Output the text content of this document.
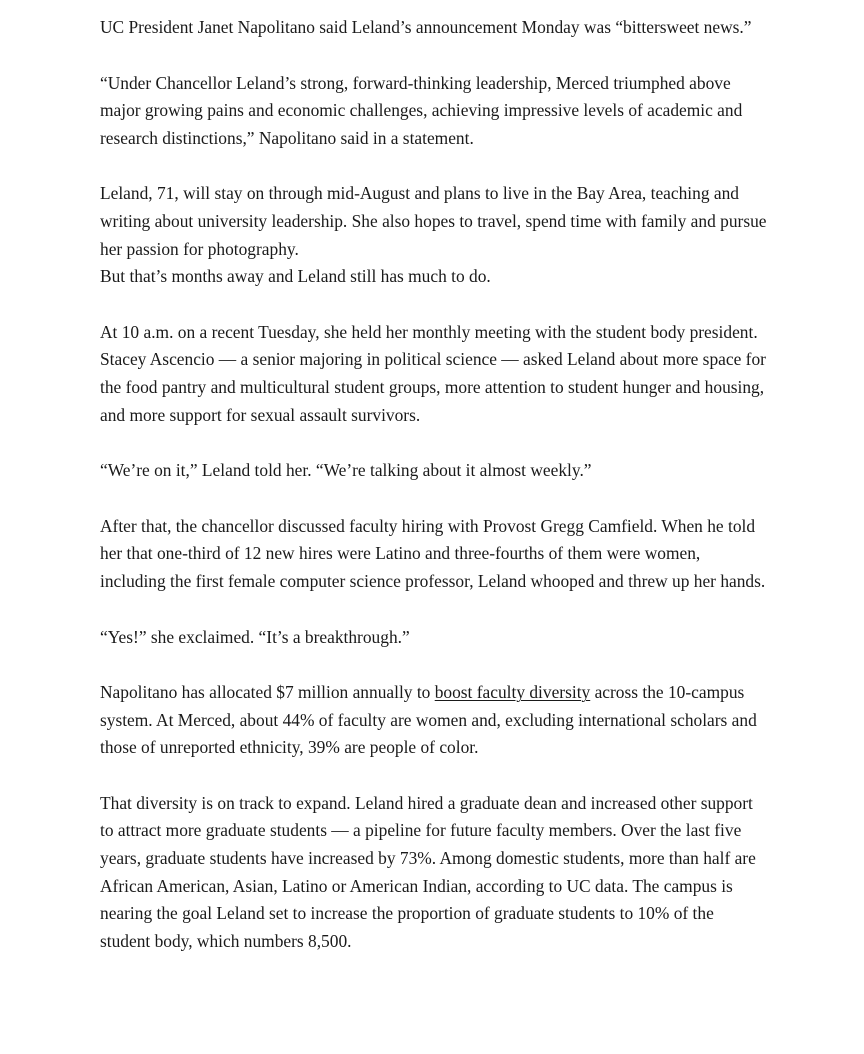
UC President Janet Napolitano said Leland’s announcement Monday was “bittersweet news.”

“Under Chancellor Leland’s strong, forward-thinking leadership, Merced triumphed above major growing pains and economic challenges, achieving impressive levels of academic and research distinctions,” Napolitano said in a statement.

Leland, 71, will stay on through mid-August and plans to live in the Bay Area, teaching and writing about university leadership. She also hopes to travel, spend time with family and pursue her passion for photography.

But that’s months away and Leland still has much to do.

At 10 a.m. on a recent Tuesday, she held her monthly meeting with the student body president. Stacey Ascencio — a senior majoring in political science — asked Leland about more space for the food pantry and multicultural student groups, more attention to student hunger and housing, and more support for sexual assault survivors.

“We’re on it,” Leland told her. “We’re talking about it almost weekly.”

After that, the chancellor discussed faculty hiring with Provost Gregg Camfield. When he told her that one-third of 12 new hires were Latino and three-fourths of them were women, including the first female computer science professor, Leland whooped and threw up her hands.

“Yes!” she exclaimed. “It’s a breakthrough.”

Napolitano has allocated $7 million annually to boost faculty diversity across the 10-campus system. At Merced, about 44% of faculty are women and, excluding international scholars and those of unreported ethnicity, 39% are people of color.

That diversity is on track to expand. Leland hired a graduate dean and increased other support to attract more graduate students — a pipeline for future faculty members. Over the last five years, graduate students have increased by 73%. Among domestic students, more than half are African American, Asian, Latino or American Indian, according to UC data. The campus is nearing the goal Leland set to increase the proportion of graduate students to 10% of the student body, which numbers 8,500.
